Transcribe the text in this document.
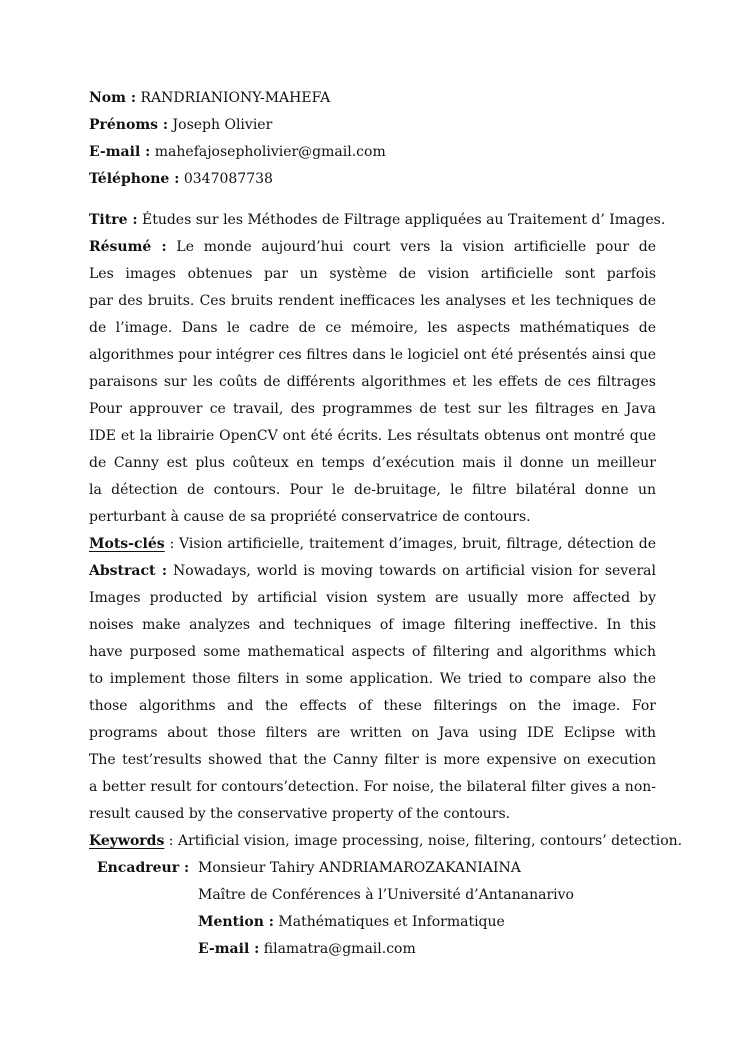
Nom : RANDRIANIONY-MAHEFA
Prénoms : Joseph Olivier
E-mail : mahefajosepholivier@gmail.com
Téléphone : 0347087738
Titre : Études sur les Méthodes de Filtrage appliquées au Traitement d’ Images.
Résumé : Le monde aujourd’hui court vers la vision artificielle pour de
Les images obtenues par un système de vision artificielle sont parfois
par des bruits. Ces bruits rendent inefficaces les analyses et les techniques de
de l’image. Dans le cadre de ce mémoire, les aspects mathématiques de
algorithmes pour intégrer ces filtres dans le logiciel ont été présentés ainsi que
paraisons sur les coûts de différents algorithmes et les effets de ces filtrages
Pour approuver ce travail, des programmes de test sur les filtrages en Java
IDE et la librairie OpenCV ont été écrits. Les résultats obtenus ont montré que
de Canny est plus coûteux en temps d’exécution mais il donne un meilleur
la détection de contours. Pour le de-bruitage, le filtre bilatéral donne un
perturbant à cause de sa propriété conservatrice de contours.
Mots-clés : Vision artificielle, traitement d’images, bruit, filtrage, détection de
Abstract : Nowadays, world is moving towards on artificial vision for several
Images producted by artificial vision system are usually more affected by
noises make analyzes and techniques of image filtering ineffective. In this
have purposed some mathematical aspects of filtering and algorithms which
to implement those filters in some application. We tried to compare also the
those algorithms and the effects of these filterings on the image. For
programs about those filters are written on Java using IDE Eclipse with
The test’results showed that the Canny filter is more expensive on execution
a better result for contours’detection. For noise, the bilateral filter gives a non-
result caused by the conservative property of the contours.
Keywords : Artificial vision, image processing, noise, filtering, contours’ detection.
Encadreur : Monsieur Tahiry ANDRIAMAROZAKANIAINA
Maître de Conférences à l’Université d’Antananarivo
Mention : Mathématiques et Informatique
E-mail : filamatra@gmail.com
